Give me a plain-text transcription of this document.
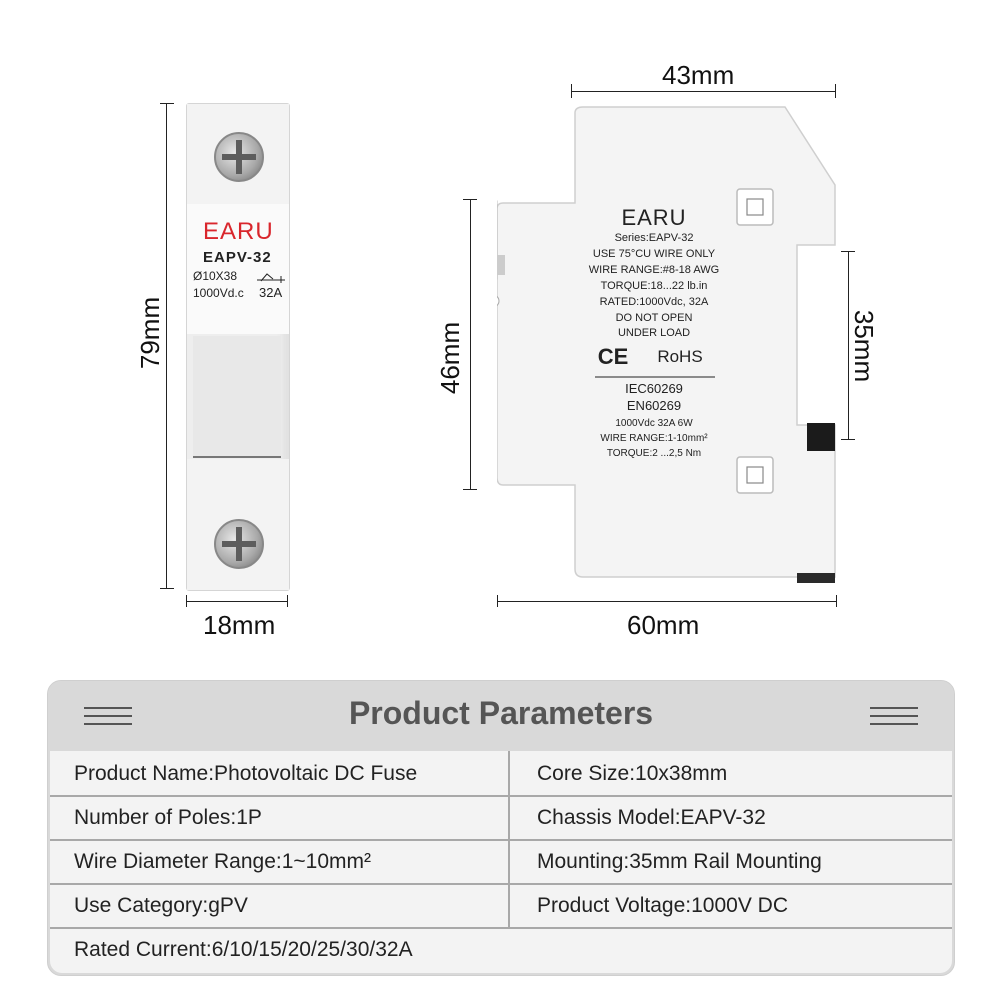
79mm
18mm
EARU
EAPV-32
Ø10X38
1000Vd.c 32A
43mm
60mm
46mm	35mm
EARU
Series:EAPV-32
USE 75°CU WIRE ONLY
WIRE RANGE:#8-18 AWG
TORQUE:18...22 lb.in
RATED:1000Vdc, 32A
DO NOT OPEN
UNDER LOAD
CE	RoHS
IEC60269
EN60269
1000Vdc 32A 6W
WIRE RANGE:1-10mm²
TORQUE:2 ...2,5 Nm
Product Parameters
Product Name:Photovoltaic DC Fuse	Core Size:10x38mm
Number of Poles:1P	Chassis Model:EAPV-32
Wire Diameter Range:1~10mm²	Mounting:35mm Rail Mounting
Use Category:gPV	Product Voltage:1000V DC
Rated Current:6/10/15/20/25/30/32A
